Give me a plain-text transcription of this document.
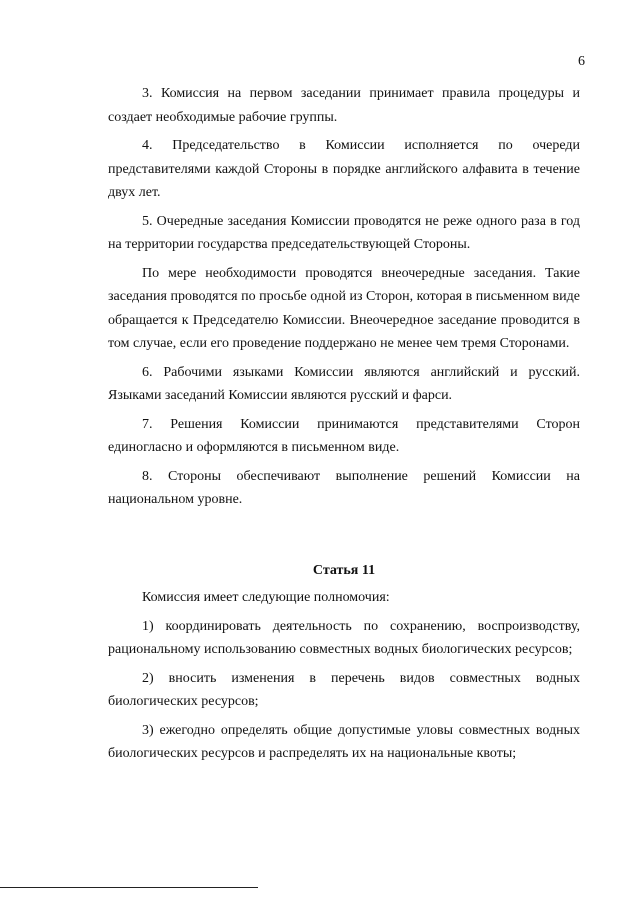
6

3. Комиссия на первом заседании принимает правила процедуры и создает необходимые рабочие группы.

4. Председательство в Комиссии исполняется по очереди представителями каждой Стороны в порядке английского алфавита в течение двух лет.

5. Очередные заседания Комиссии проводятся не реже одного раза в год на территории государства председательствующей Стороны.

По мере необходимости проводятся внеочередные заседания. Такие заседания проводятся по просьбе одной из Сторон, которая в письменном виде обращается к Председателю Комиссии. Внеочередное заседание проводится в том случае, если его проведение поддержано не менее чем тремя Сторонами.

6. Рабочими языками Комиссии являются английский и русский. Языками заседаний Комиссии являются русский и фарси.

7. Решения Комиссии принимаются представителями Сторон единогласно и оформляются в письменном виде.

8. Стороны обеспечивают выполнение решений Комиссии на национальном уровне.

Статья 11

Комиссия имеет следующие полномочия:

1) координировать деятельность по сохранению, воспроизводству, рациональному использованию совместных водных биологических ресурсов;

2) вносить изменения в перечень видов совместных водных биологических ресурсов;

3) ежегодно определять общие допустимые уловы совместных водных биологических ресурсов и распределять их на национальные квоты;
